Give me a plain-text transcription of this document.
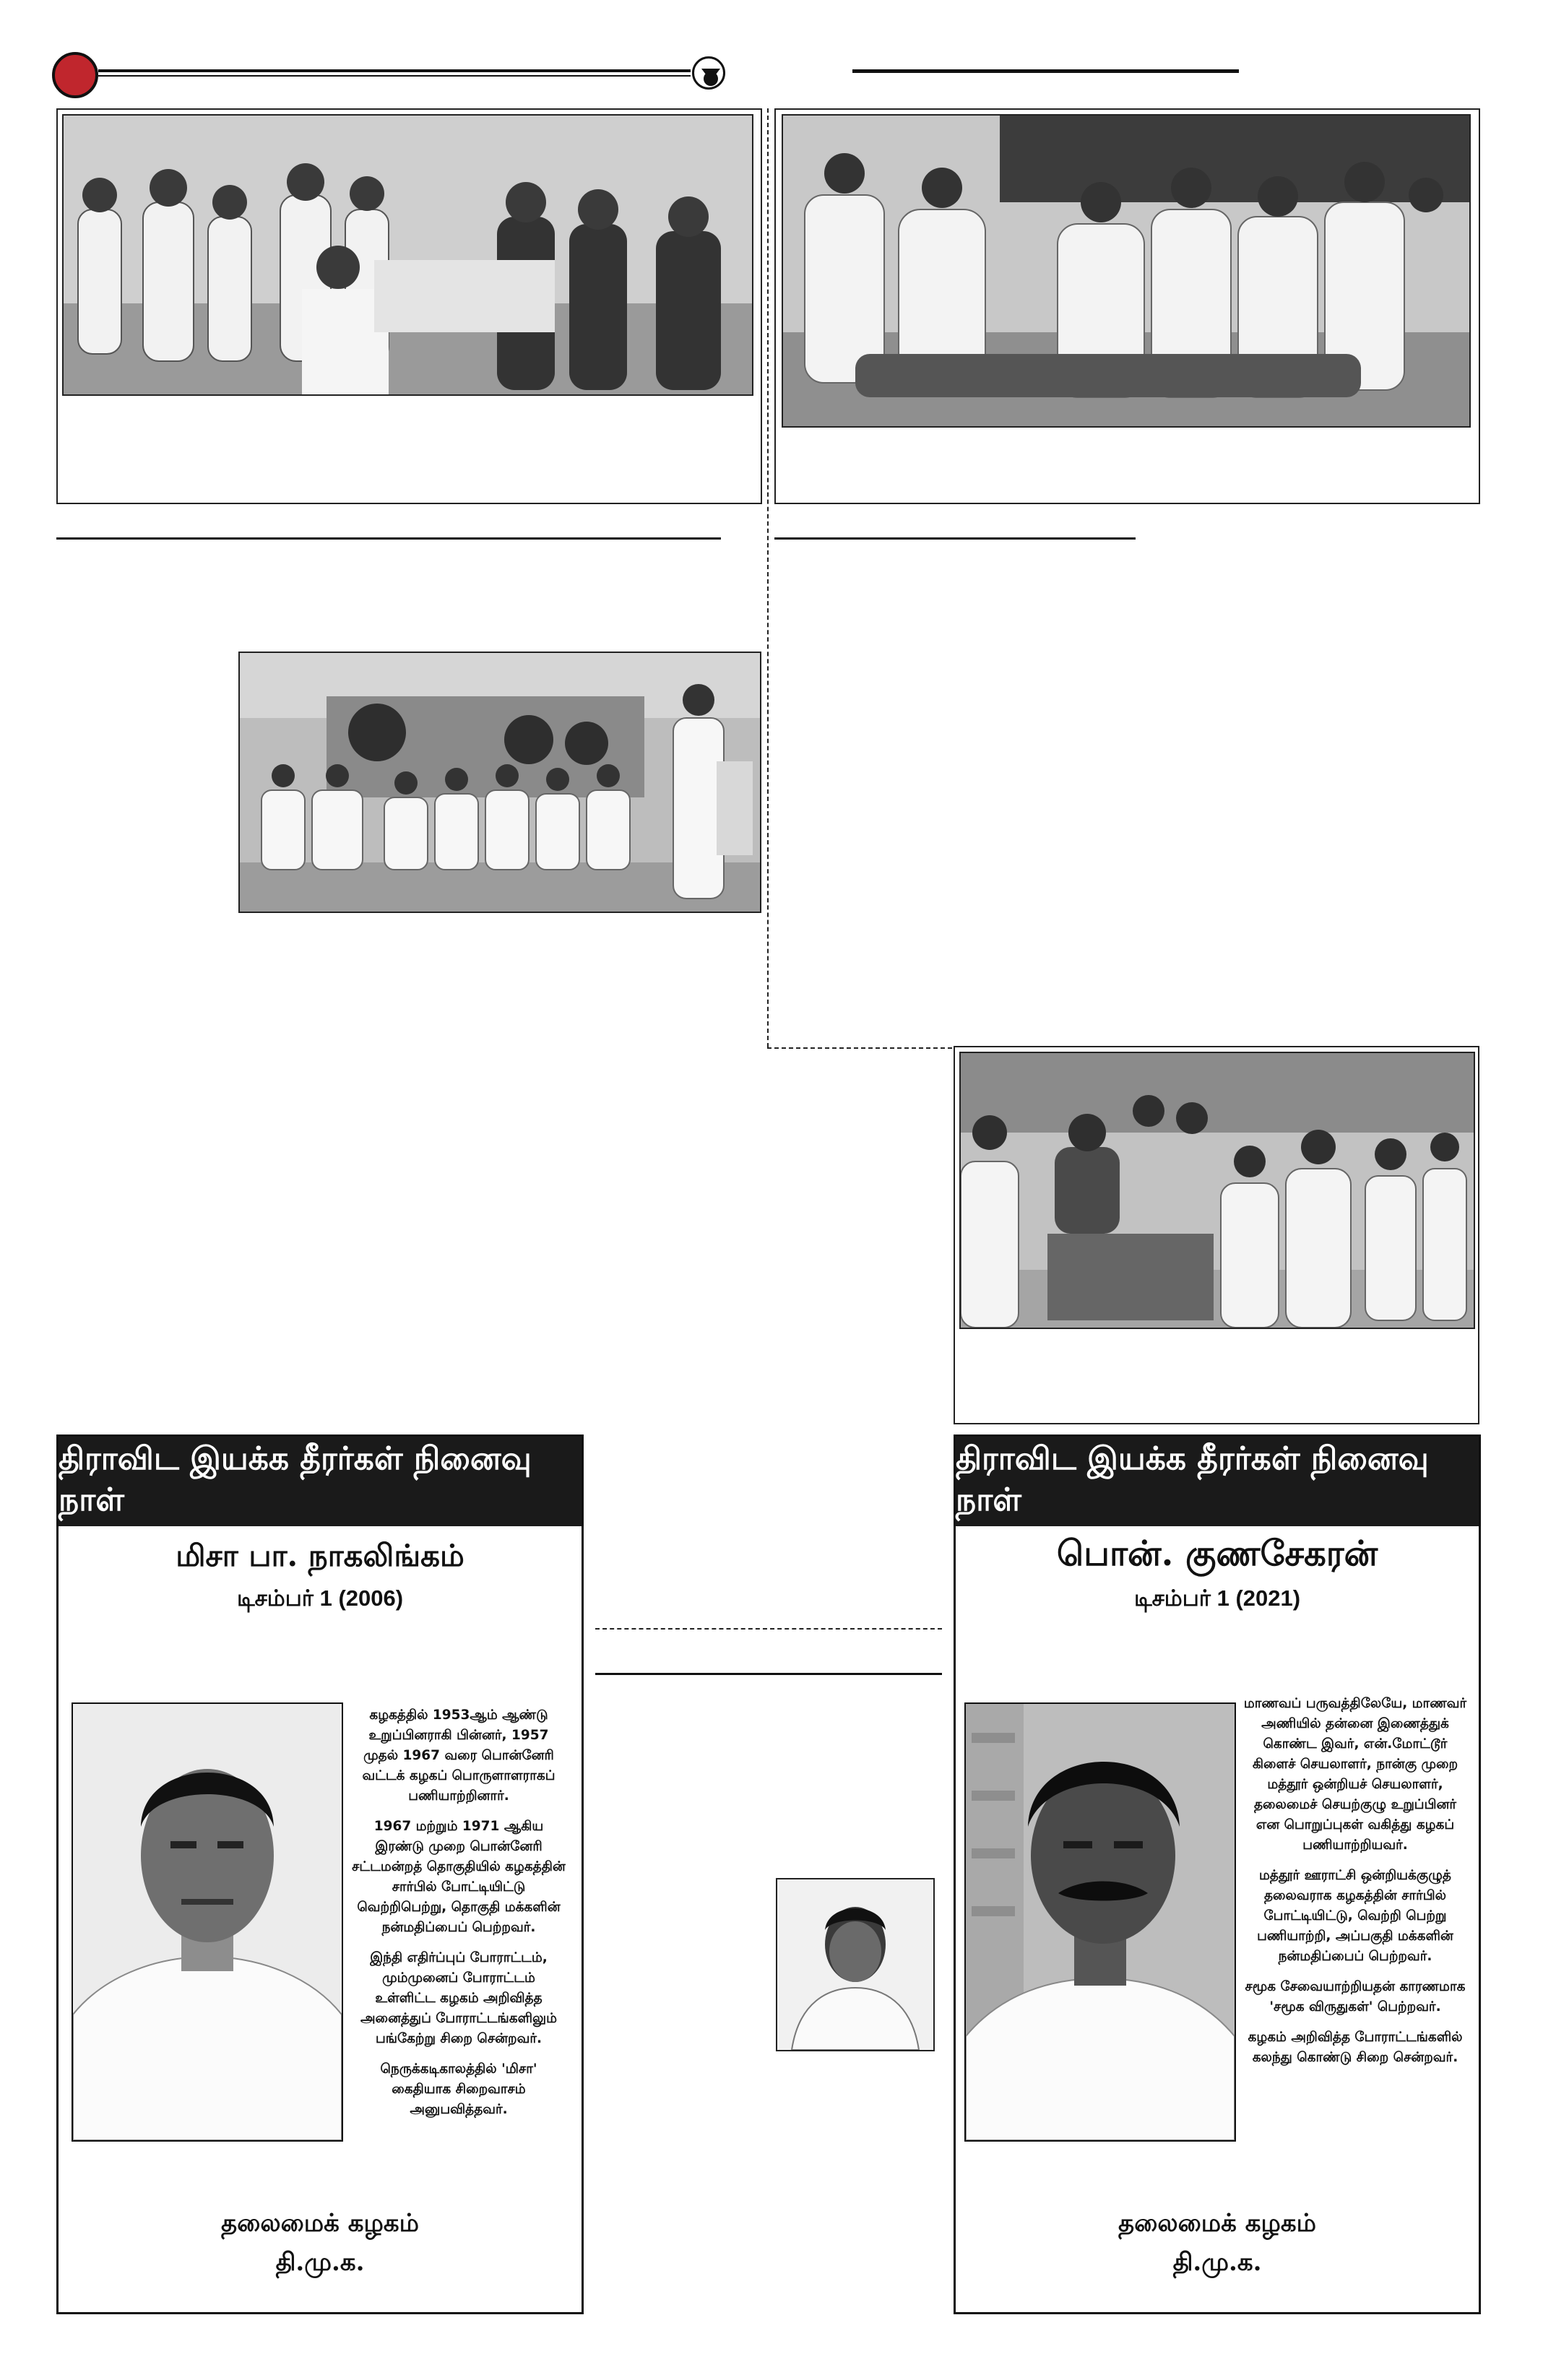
திராவிட இயக்க தீரர்கள் நினைவு நாள்
மிசா பா. நாகலிங்கம்
டிசம்பர் 1 (2006)

கழகத்தில் 1953ஆம் ஆண்டு உறுப்பினராகி பின்னர், 1957 முதல் 1967 வரை பொன்னேரி வட்டக் கழகப் பொருளாளராகப் பணியாற்றினார்.

1967 மற்றும் 1971 ஆகிய இரண்டு முறை பொன்னேரி சட்டமன்றத் தொகுதியில் கழகத்தின் சார்பில் போட்டியிட்டு வெற்றிபெற்று, தொகுதி மக்களின் நன்மதிப்பைப் பெற்றவர்.

இந்தி எதிர்ப்புப் போராட்டம், மும்முனைப் போராட்டம் உள்ளிட்ட கழகம் அறிவித்த அனைத்துப் போராட்டங்களிலும் பங்கேற்று சிறை சென்றவர்.

நெருக்கடிகாலத்தில் 'மிசா' கைதியாக சிறைவாசம் அனுபவித்தவர்.

தலைமைக் கழகம்
தி.மு.க.
திராவிட இயக்க தீரர்கள் நினைவு நாள்
பொன். குணசேகரன்
டிசம்பர் 1 (2021)

மாணவப் பருவத்திலேயே, மாணவர் அணியில் தன்னை இணைத்துக் கொண்ட இவர், என்.மோட்டூர் கிளைச் செயலாளர், நான்கு முறை மத்தூர் ஒன்றியச் செயலாளர், தலைமைச் செயற்குழு உறுப்பினர் என பொறுப்புகள் வகித்து கழகப் பணியாற்றியவர்.

மத்தூர் ஊராட்சி ஒன்றியக்குழுத் தலைவராக கழகத்தின் சார்பில் போட்டியிட்டு, வெற்றி பெற்று பணியாற்றி, அப்பகுதி மக்களின் நன்மதிப்பைப் பெற்றவர்.

சமூக சேவையாற்றியதன் காரணமாக 'சமூக விருதுகள்' பெற்றவர்.

கழகம் அறிவித்த போராட்டங்களில் கலந்து கொண்டு சிறை சென்றவர்.

தலைமைக் கழகம்
தி.மு.க.
